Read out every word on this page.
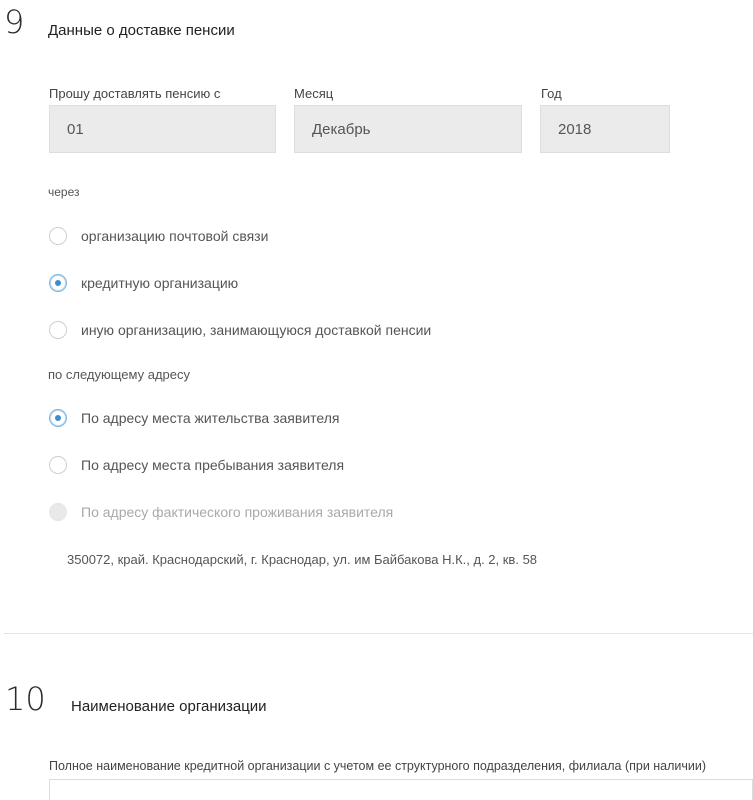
9 Данные о доставке пенсии
Прошу доставлять пенсию с
01
Месяц
Декабрь
Год
2018
через
организацию почтовой связи
кредитную организацию
иную организацию, занимающуюся доставкой пенсии
по следующему адресу
По адресу места жительства заявителя
По адресу места пребывания заявителя
По адресу фактического проживания заявителя
350072, край. Краснодарский, г. Краснодар, ул. им Байбакова Н.К., д. 2, кв. 58
10 Наименование организации
Полное наименование кредитной организации с учетом ее структурного подразделения, филиала (при наличии)
